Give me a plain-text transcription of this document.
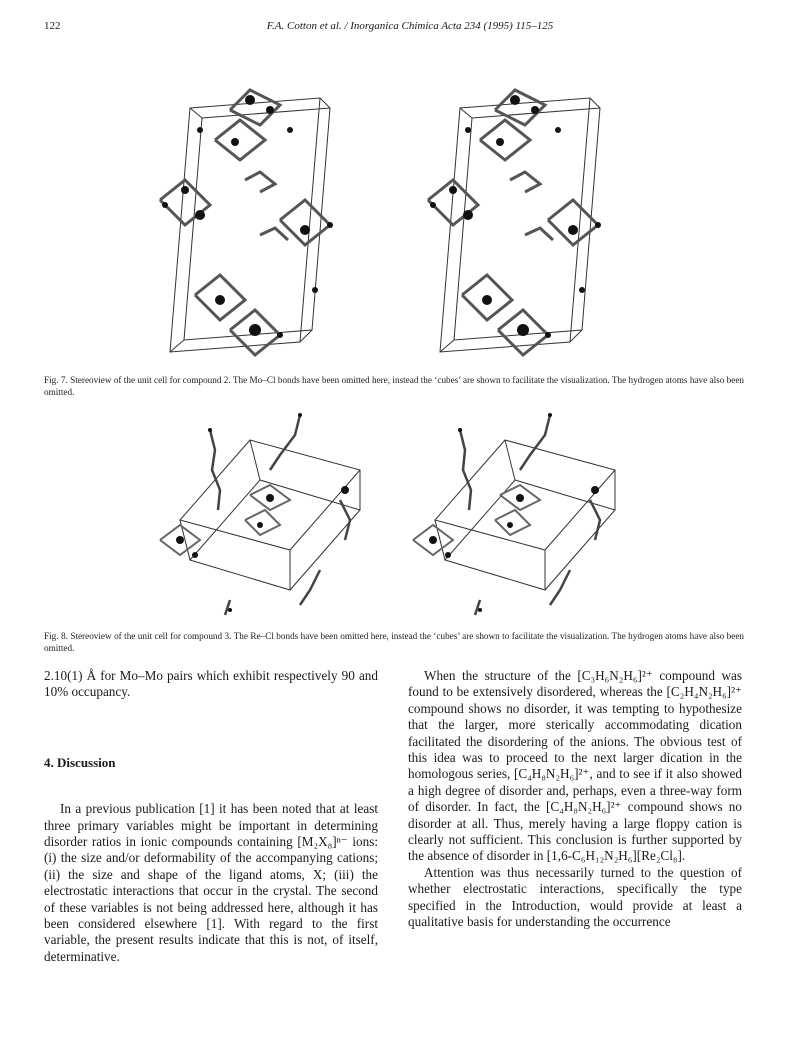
122	F.A. Cotton et al. / Inorganica Chimica Acta 234 (1995) 115–125
Fig. 7. Stereoview of the unit cell for compound 2. The Mo–Cl bonds have been omitted here, instead the ‘cubes’ are shown to facilitate the visualization. The hydrogen atoms have also been omitted.
Fig. 8. Stereoview of the unit cell for compound 3. The Re–Cl bonds have been omitted here, instead the ‘cubes’ are shown to facilitate the visualization. The hydrogen atoms have also been omitted.

2.10(1) Å for Mo–Mo pairs which exhibit respectively 90 and 10% occupancy.

4. Discussion

In a previous publication [1] it has been noted that at least three primary variables might be important in determining disorder ratios in ionic compounds containing [M₂X₈]ⁿ⁻ ions: (i) the size and/or deformability of the accompanying cations; (ii) the size and shape of the ligand atoms, X; (iii) the electrostatic interactions that occur in the crystal. The second of these variables is not being addressed here, although it has been considered elsewhere [1]. With regard to the first variable, the present results indicate that this is not, of itself, determinative.

When the structure of the [C₃H₆N₂H₆]²⁺ compound was found to be extensively disordered, whereas the [C₂H₄N₂H₆]²⁺ compound shows no disorder, it was tempting to hypothesize that the larger, more sterically accommodating dication facilitated the disordering of the anions. The obvious test of this idea was to proceed to the next larger dication in the homologous series, [C₄H₈N₂H₆]²⁺, and to see if it also showed a high degree of disorder and, perhaps, even a three-way form of disorder. In fact, the [C₄H₈N₂H₆]²⁺ compound shows no disorder at all. Thus, merely having a large floppy cation is clearly not sufficient. This conclusion is further supported by the absence of disorder in [1,6-C₆H₁₂N₂H₆][Re₂Cl₈].

Attention was thus necessarily turned to the question of whether electrostatic interactions, specifically the type specified in the Introduction, would provide at least a qualitative basis for understanding the occurrence
